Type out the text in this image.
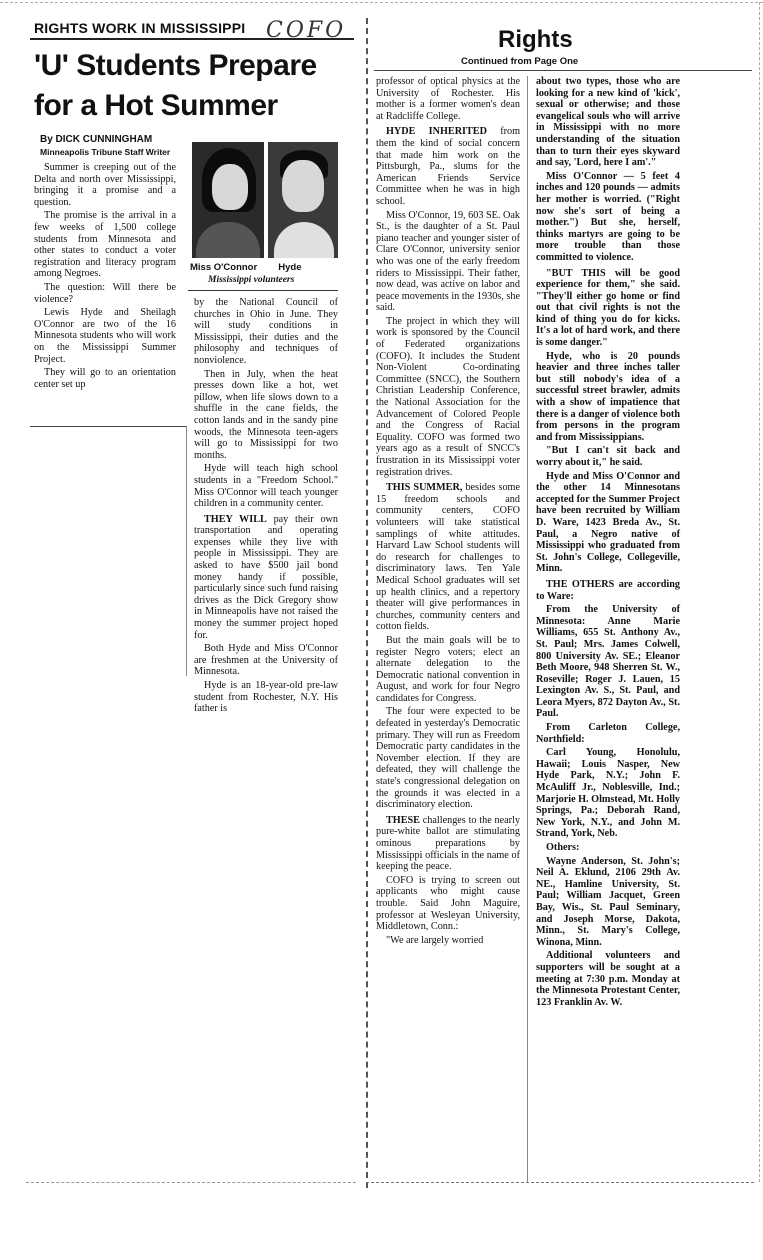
RIGHTS WORK IN MISSISSIPPI COFO
'U' Students Prepare
for a Hot Summer
By DICK CUNNINGHAM
Minneapolis Tribune Staff Writer

Summer is creeping out of the Delta and north over Mississippi, bringing it a promise and a question.

The promise is the arrival in a few weeks of 1,500 college students from Minnesota and other states to conduct a voter registration and literacy program among Negroes.

The question: Will there be violence?

Lewis Hyde and Sheilagh O'Connor are two of the 16 Minnesota students who will work on the Mississippi Summer Project.

They will go to an orientation center set up

Miss O'Connor        Hyde
Mississippi volunteers

by the National Council of churches in Ohio in June. They will study conditions in Mississippi, their duties and the philosophy and techniques of nonviolence.

Then in July, when the heat presses down like a hot, wet pillow, when life slows down to a shuffle in the cane fields, the cotton lands and in the sandy pine woods, the Minnesota teen-agers will go to Mississippi for two months.

Hyde will teach high school students in a "Freedom School." Miss O'Connor will teach younger children in a community center.

THEY WILL pay their own transportation and operating expenses while they live with people in Mississippi. They are asked to have $500 jail bond money handy if possible, particularly since such fund raising drives as the Dick Gregory show in Minneapolis have not raised the money the summer project hoped for.

Both Hyde and Miss O'Connor are freshmen at the University of Minnesota.

Hyde is an 18-year-old pre-law student from Rochester, N.Y. His father is

Rights
Continued from Page One

professor of optical physics at the University of Rochester. His mother is a former women's dean at Radcliffe College.

HYDE INHERITED from them the kind of social concern that made him work on the Pittsburgh, Pa., slums for the American Friends Service Committee when he was in high school.

Miss O'Connor, 19, 603 SE. Oak St., is the daughter of a St. Paul piano teacher and younger sister of Clare O'Connor, university senior who was one of the early freedom riders to Mississippi. Their father, now dead, was active on labor and peace movements in the 1930s, she said.

The project in which they will work is sponsored by the Council of Federated organizations (COFO). It includes the Student Non-Violent Co-ordinating Committee (SNCC), the Southern Christian Leadership Conference, the National Association for the Advancement of Colored People and the Congress of Racial Equality. COFO was formed two years ago as a result of SNCC's frustration in its Mississippi voter registration drives.

THIS SUMMER, besides some 15 freedom schools and community centers, COFO volunteers will take statistical samplings of white attitudes. Harvard Law School students will do research for challenges to discriminatory laws. Ten Yale Medical School graduates will set up health clinics, and a repertory theater will give performances in churches, community centers and cotton fields.

But the main goals will be to register Negro voters; elect an alternate delegation to the Democratic national convention in August, and work for four Negro candidates for Congress.

The four were expected to be defeated in yesterday's Democratic primary. They will run as Freedom Democratic party candidates in the November election. If they are defeated, they will challenge the state's congressional delegation on the grounds it was elected in a discriminatory election.

THESE challenges to the nearly pure-white ballot are stimulating ominous preparations by Mississippi officials in the name of keeping the peace.

COFO is trying to screen out applicants who might cause trouble. Said John Maguire, professor at Wesleyan University, Middletown, Conn.:

"We are largely worried

about two types, those who are looking for a new kind of 'kick', sexual or otherwise; and those evangelical souls who will arrive in Mississippi with no more understanding of the situation than to turn their eyes skyward and say, 'Lord, here I am'."

Miss O'Connor — 5 feet 4 inches and 120 pounds — admits her mother is worried. ("Right now she's sort of being a mother.") But she, herself, thinks martyrs are going to be more trouble than those committed to violence.

"BUT THIS will be good experience for them," she said. "They'll either go home or find out that civil rights is not the kind of thing you do for kicks. It's a lot of hard work, and there is some danger."

Hyde, who is 20 pounds heavier and three inches taller but still nobody's idea of a successful street brawler, admits with a show of impatience that there is a danger of violence both from persons in the program and from Mississippians.

"But I can't sit back and worry about it," he said.

Hyde and Miss O'Connor and the other 14 Minnesotans accepted for the Summer Project have been recruited by William D. Ware, 1423 Breda Av., St. Paul, a Negro native of Mississippi who graduated from St. John's College, Collegeville, Minn.

THE OTHERS are according to Ware:

From the University of Minnesota: Anne Marie Williams, 655 St. Anthony Av., St. Paul; Mrs. James Colwell, 800 University Av. SE.; Eleanor Beth Moore, 948 Sherren St. W., Roseville; Roger J. Lauen, 15 Lexington Av. S., St. Paul, and Leora Myers, 872 Dayton Av., St. Paul.

From Carleton College, Northfield:

Carl Young, Honolulu, Hawaii; Louis Nasper, New Hyde Park, N.Y.; John F. McAuliff Jr., Noblesville, Ind.; Marjorie H. Olmstead, Mt. Holly Springs, Pa.; Deborah Rand, New York, N.Y., and John M. Strand, York, Neb.

Others:

Wayne Anderson, St. John's; Neil A. Eklund, 2106 29th Av. NE., Hamline University, St. Paul; William Jacquet, Green Bay, Wis., St. Paul Seminary, and Joseph Morse, Dakota, Minn., St. Mary's College, Winona, Minn.

Additional volunteers and supporters will be sought at a meeting at 7:30 p.m. Monday at the Minnesota Protestant Center, 123 Franklin Av. W.
